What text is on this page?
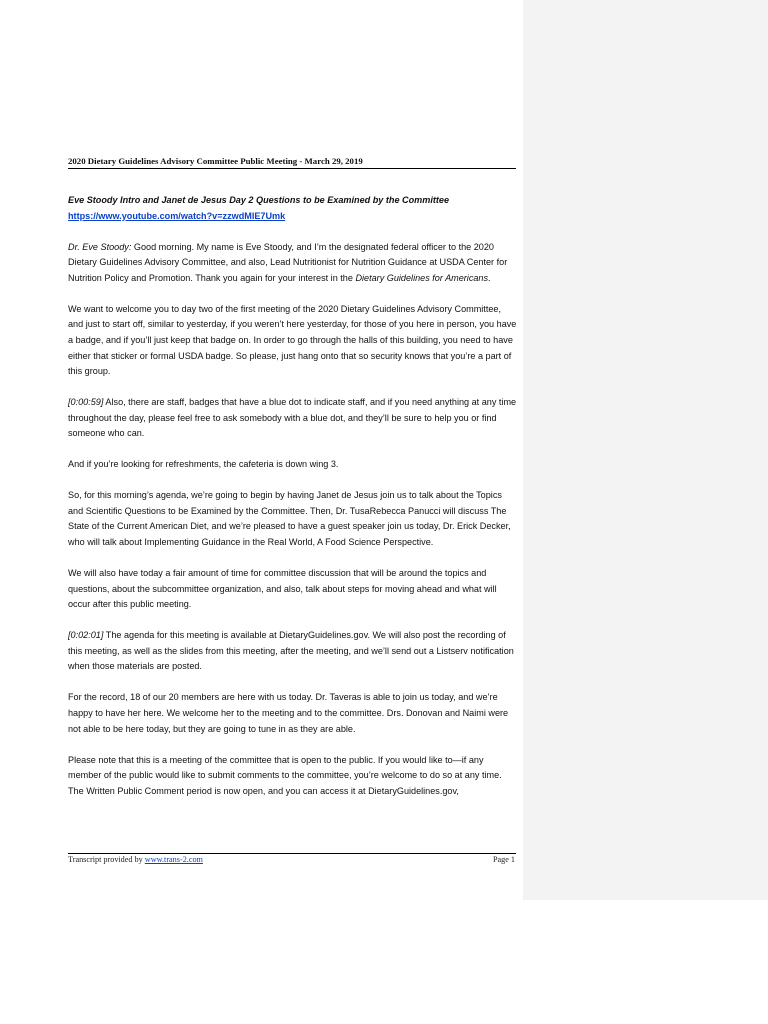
2020 Dietary Guidelines Advisory Committee Public Meeting - March 29, 2019

Eve Stoody Intro and Janet de Jesus Day 2 Questions to be Examined by the Committee
https://www.youtube.com/watch?v=zzwdMIE7Umk

Dr. Eve Stoody: Good morning. My name is Eve Stoody, and I’m the designated federal officer to the 2020 Dietary Guidelines Advisory Committee, and also, Lead Nutritionist for Nutrition Guidance at USDA Center for Nutrition Policy and Promotion. Thank you again for your interest in the Dietary Guidelines for Americans.

We want to welcome you to day two of the first meeting of the 2020 Dietary Guidelines Advisory Committee, and just to start off, similar to yesterday, if you weren’t here yesterday, for those of you here in person, you have a badge, and if you’ll just keep that badge on. In order to go through the halls of this building, you need to have either that sticker or formal USDA badge. So please, just hang onto that so security knows that you’re a part of this group.

[0:00:59] Also, there are staff, badges that have a blue dot to indicate staff, and if you need anything at any time throughout the day, please feel free to ask somebody with a blue dot, and they’ll be sure to help you or find someone who can.

And if you’re looking for refreshments, the cafeteria is down wing 3.

So, for this morning’s agenda, we’re going to begin by having Janet de Jesus join us to talk about the Topics and Scientific Questions to be Examined by the Committee. Then, Dr. TusaRebecca Panucci will discuss The State of the Current American Diet, and we’re pleased to have a guest speaker join us today, Dr. Erick Decker, who will talk about Implementing Guidance in the Real World, A Food Science Perspective.

We will also have today a fair amount of time for committee discussion that will be around the topics and questions, about the subcommittee organization, and also, talk about steps for moving ahead and what will occur after this public meeting.

[0:02:01] The agenda for this meeting is available at DietaryGuidelines.gov. We will also post the recording of this meeting, as well as the slides from this meeting, after the meeting, and we’ll send out a Listserv notification when those materials are posted.

For the record, 18 of our 20 members are here with us today. Dr. Taveras is able to join us today, and we’re happy to have her here. We welcome her to the meeting and to the committee. Drs. Donovan and Naimi were not able to be here today, but they are going to tune in as they are able.

Please note that this is a meeting of the committee that is open to the public. If you would like to—if any member of the public would like to submit comments to the committee, you’re welcome to do so at any time. The Written Public Comment period is now open, and you can access it at DietaryGuidelines.gov,

Transcript provided by www.trans-2.com	Page 1
